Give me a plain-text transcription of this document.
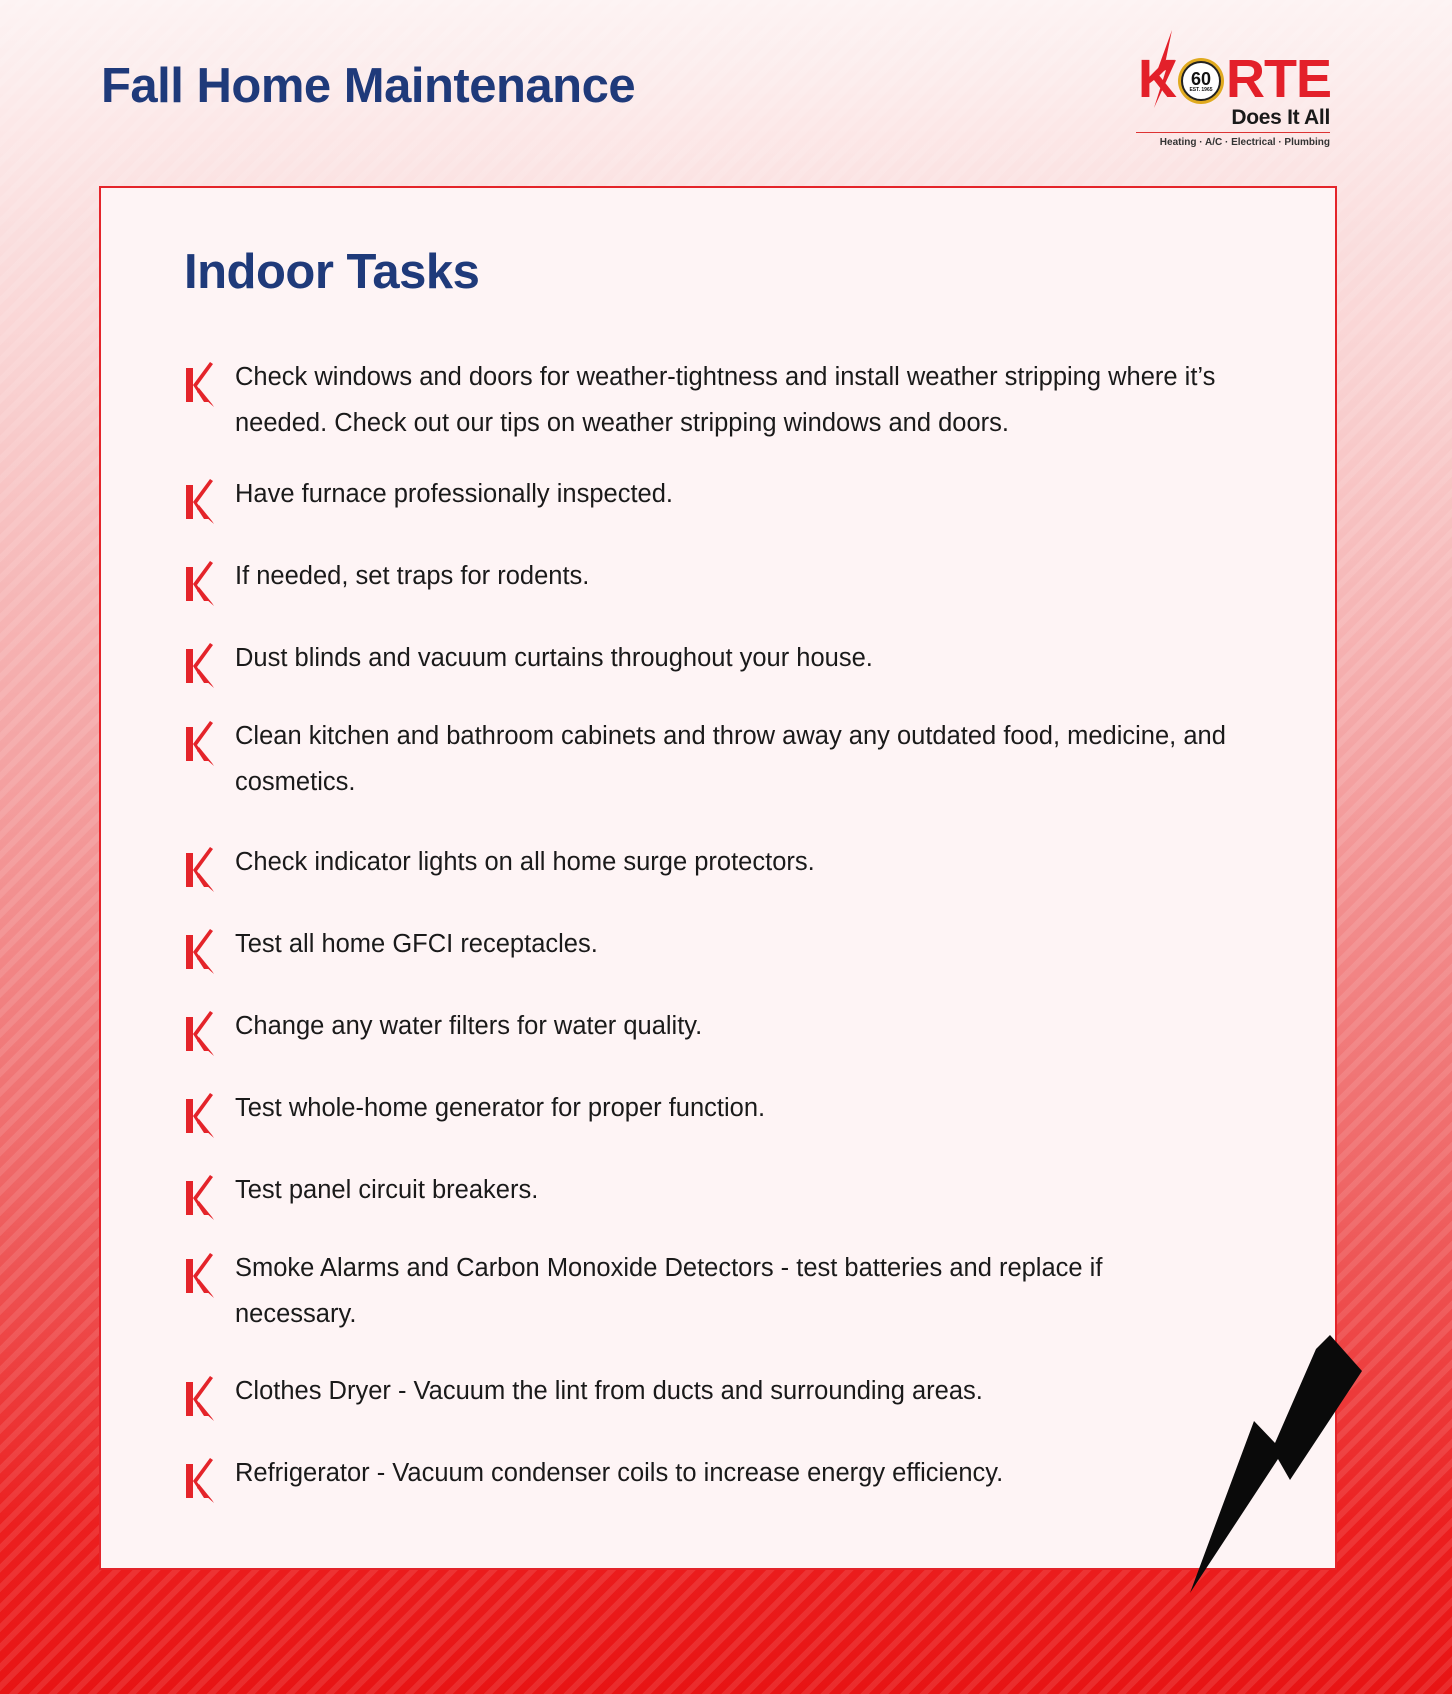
Fall Home Maintenance	K 60
EST. 1965 RTE
Does It All
Heating · A/C · Electrical · Plumbing
Indoor Tasks

Check windows and doors for weather-tightness and install weather stripping where it’s needed. Check out our tips on weather stripping windows and doors.

Have furnace professionally inspected.

If needed, set traps for rodents.

Dust blinds and vacuum curtains throughout your house.

Clean kitchen and bathroom cabinets and throw away any outdated food, medicine, and cosmetics.

Check indicator lights on all home surge protectors.

Test all home GFCI receptacles.

Change any water filters for water quality.

Test whole-home generator for proper function.

Test panel circuit breakers.

Smoke Alarms and Carbon Monoxide Detectors - test batteries and replace if necessary.

Clothes Dryer - Vacuum the lint from ducts and surrounding areas.

Refrigerator - Vacuum condenser coils to increase energy efficiency.
